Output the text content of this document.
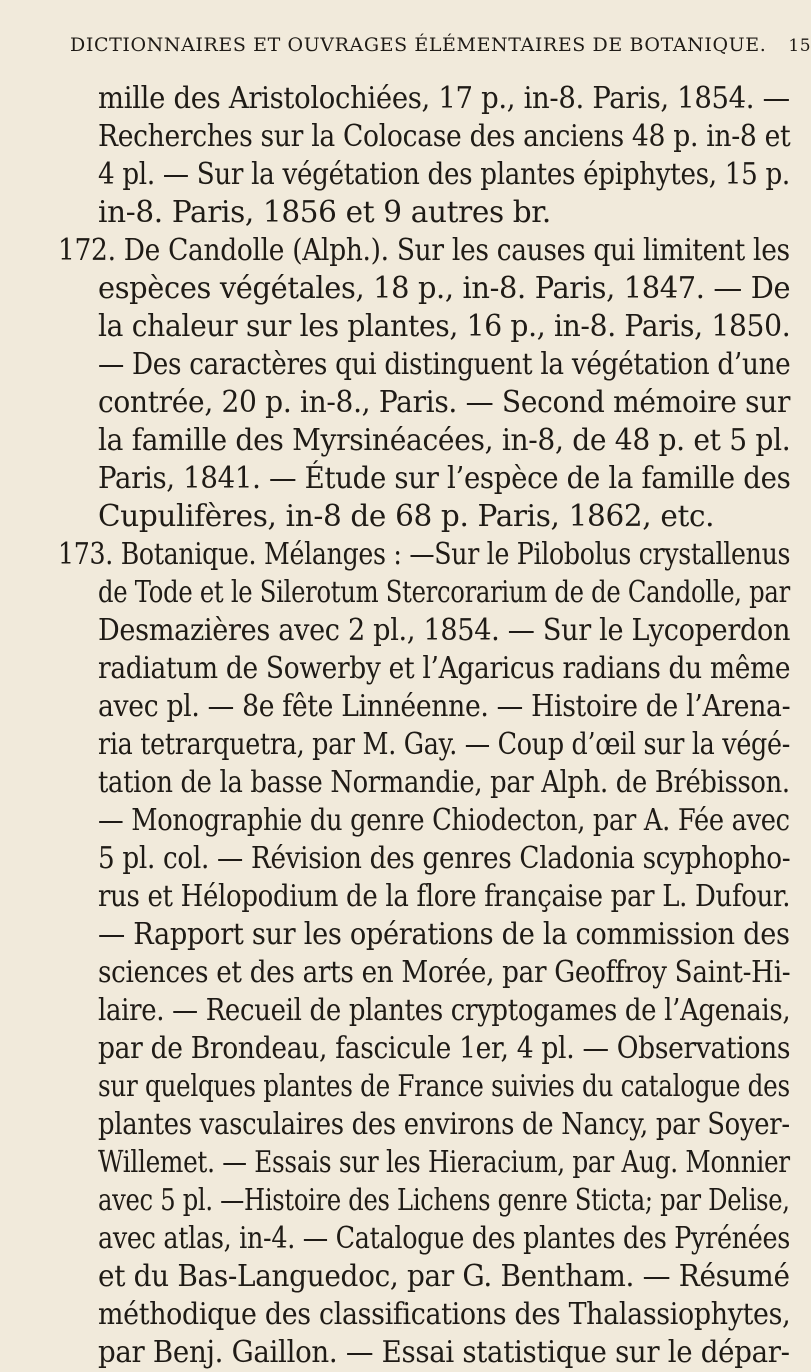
DICTIONNAIRES ET OUVRAGES ÉLÉMENTAIRES DE BOTANIQUE. 15
mille des Aristolochiées, 17 p., in-8. Paris, 1854. —
Recherches sur la Colocase des anciens 48 p. in-8 et
4 pl. — Sur la végétation des plantes épiphytes, 15 p.
in-8. Paris, 1856 et 9 autres br.
172. De Candolle (Alph.). Sur les causes qui limitent les
espèces végétales, 18 p., in-8. Paris, 1847. — De
la chaleur sur les plantes, 16 p., in-8. Paris, 1850.
— Des caractères qui distinguent la végétation d’une
contrée, 20 p. in-8., Paris. — Second mémoire sur
la famille des Myrsinéacées, in-8, de 48 p. et 5 pl.
Paris, 1841. — Étude sur l’espèce de la famille des
Cupulifères, in-8 de 68 p. Paris, 1862, etc.
173. Botanique. Mélanges : —Sur le Pilobolus crystallenus
de Tode et le Silerotum Stercorarium de de Candolle, par
Desmazières avec 2 pl., 1854. — Sur le Lycoperdon
radiatum de Sowerby et l’Agaricus radians du même
avec pl. — 8e fête Linnéenne. — Histoire de l’Arena-
ria tetrarquetra, par M. Gay. — Coup d’œil sur la végé-
tation de la basse Normandie, par Alph. de Brébisson.
— Monographie du genre Chiodecton, par A. Fée avec
5 pl. col. — Révision des genres Cladonia scyphopho-
rus et Hélopodium de la flore française par L. Dufour.
— Rapport sur les opérations de la commission des
sciences et des arts en Morée, par Geoffroy Saint-Hi-
laire. — Recueil de plantes cryptogames de l’Agenais,
par de Brondeau, fascicule 1er, 4 pl. — Observations
sur quelques plantes de France suivies du catalogue des
plantes vasculaires des environs de Nancy, par Soyer-
Willemet. — Essais sur les Hieracium, par Aug. Monnier
avec 5 pl. —Histoire des Lichens genre Sticta; par Delise,
avec atlas, in-4. — Catalogue des plantes des Pyrénées
et du Bas-Languedoc, par G. Bentham. — Résumé
méthodique des classifications des Thalassiophytes,
par Benj. Gaillon. — Essai statistique sur le dépar-
